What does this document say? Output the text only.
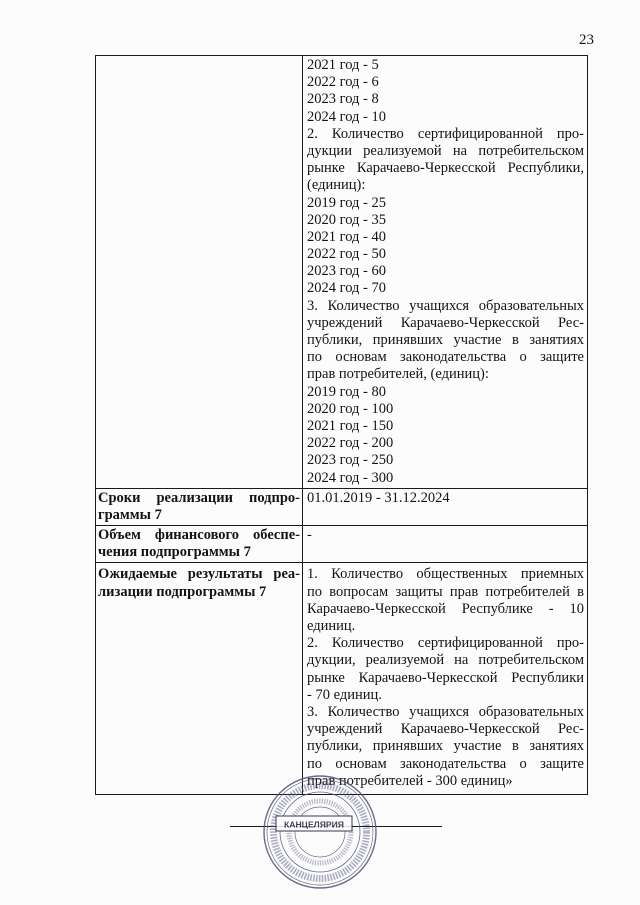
23
2021 год - 5
2022 год - 6
2023 год - 8
2024 год - 10
2. Количество сертифицированной про-
дукции реализуемой на потребительском
рынке Карачаево-Черкесской Республики,
(единиц):
2019 год - 25
2020 год - 35
2021 год - 40
2022 год - 50
2023 год - 60
2024 год - 70
3. Количество учащихся образовательных
учреждений Карачаево-Черкесской Рес-
публики, принявших участие в занятиях
по основам законодательства о защите
прав потребителей, (единиц):
2019 год - 80
2020 год - 100
2021 год - 150
2022 год - 200
2023 год - 250
2024 год - 300
Сроки реализации подпро-
граммы 7
01.01.2019 - 31.12.2024
Объем финансового обеспе-
чения подпрограммы 7
-
Ожидаемые результаты реа-
лизации подпрограммы 7
1. Количество общественных приемных
по вопросам защиты прав потребителей в
Карачаево-Черкесской Республике - 10
единиц.
2. Количество сертифицированной про-
дукции, реализуемой на потребительском
рынке Карачаево-Черкесской Республики
- 70 единиц.
3. Количество учащихся образовательных
учреждений Карачаево-Черкесской Рес-
публики, принявших участие в занятиях
по основам законодательства о защите
прав потребителей - 300 единиц»
КАНЦЕЛЯРИЯ
